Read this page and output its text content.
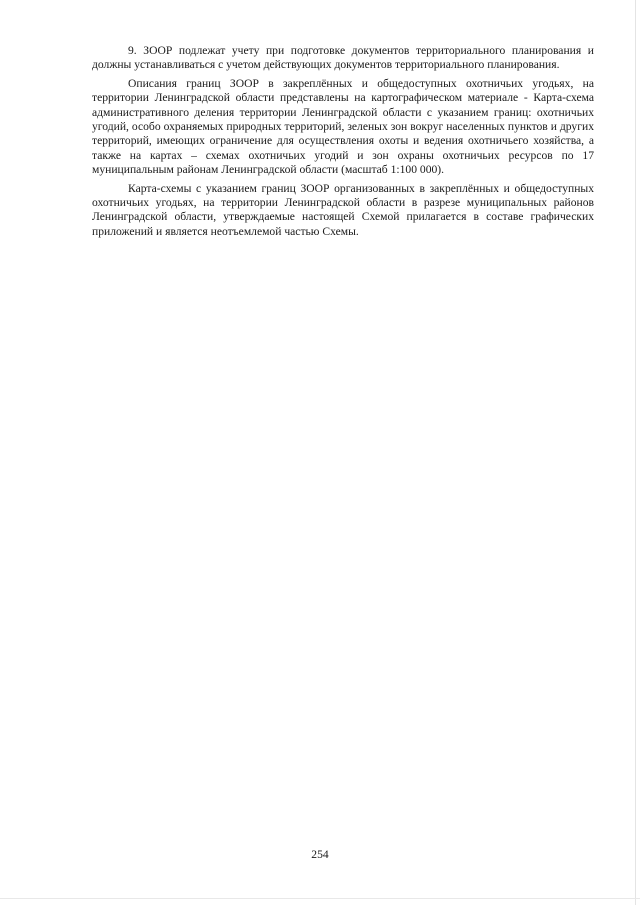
9. ЗООР подлежат учету при подготовке документов территориального планирования и должны устанавливаться с учетом действующих документов территориального планирования.

Описания границ ЗООР в закреплённых и общедоступных охотничьих угодьях, на территории Ленинградской области представлены на картографическом материале - Карта-схема административного деления территории Ленинградской области с указанием границ: охотничьих угодий, особо охраняемых природных территорий, зеленых зон вокруг населенных пунктов и других территорий, имеющих ограничение для осуществления охоты и ведения охотничьего хозяйства, а также на картах – схемах охотничьих угодий и зон охраны охотничьих ресурсов по 17 муниципальным районам Ленинградской области (масштаб 1:100 000).

Карта-схемы с указанием границ ЗООР организованных в закреплённых и общедоступных охотничьих угодьях, на территории Ленинградской области в разрезе муниципальных районов Ленинградской области, утверждаемые настоящей Схемой прилагается в составе графических приложений и является неотъемлемой частью Схемы.

254
